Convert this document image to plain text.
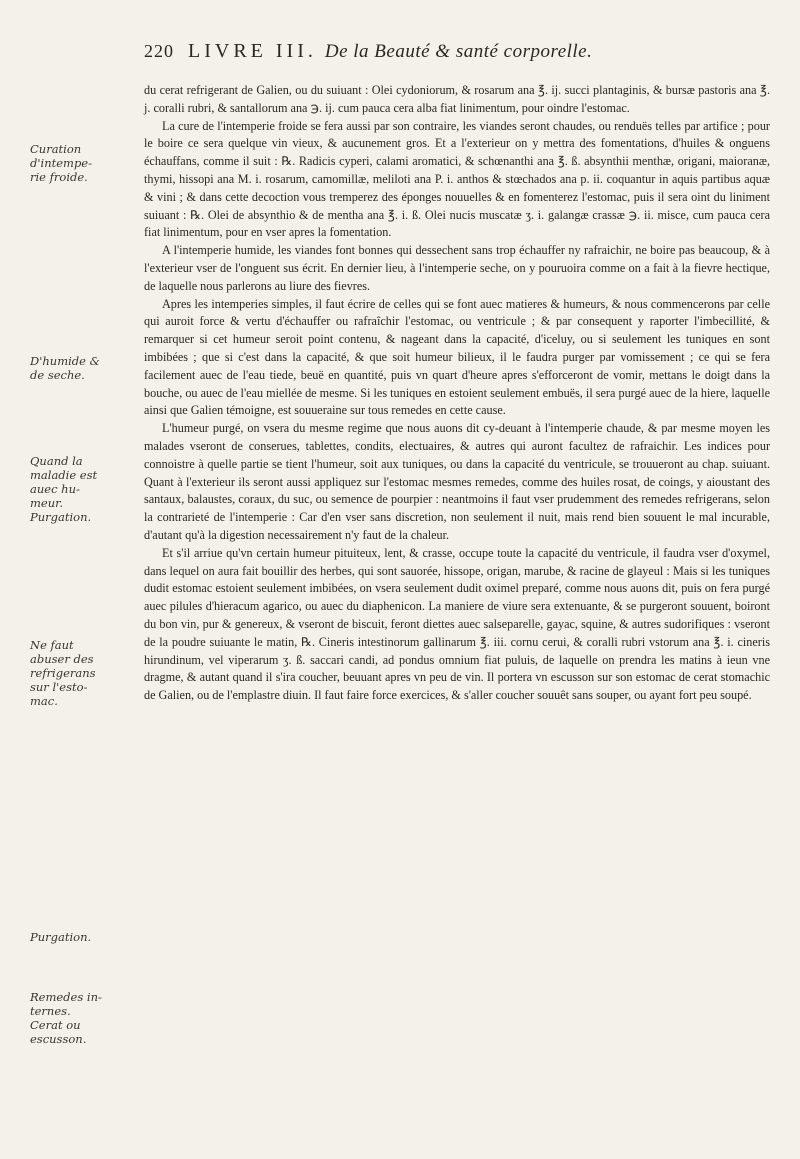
220 LIVRE III. De la Beauté & santé corporelle.
Curation d'intempe-rie froide.
D'humide & de seche.
Quand la maladie est auec hu-meur. Purgation.
Ne faut abuser des refrigerans sur l'esto-mac.
Purgation.
Remedes in-ternes. Cerat ou escusson.

du cerat refrigerant de Galien, ou du suiuant : Olei cydoniorum, & rosarum ana ℥. ij. succi plantaginis, & bursæ pastoris ana ℥. j. coralli rubri, & santallorum ana ℈. ij. cum pauca cera alba fiat linimentum, pour oindre l'estomac.

La cure de l'intemperie froide se fera aussi par son contraire, les viandes seront chaudes, ou renduës telles par artifice ; pour le boire ce sera quelque vin vieux, & aucunement gros. Et a l'exterieur on y mettra des fomentations, d'huiles & onguens échauffans, comme il suit : ℞. Radicis cyperi, calami aromatici, & schœnanthi ana ℥. ß. absynthii menthæ, origani, maioranæ, thymi, hissopi ana M. i. rosarum, camomillæ, meliloti ana P. i. anthos & stœchados ana p. ii. coquantur in aquis partibus aquæ & vini ; & dans cette decoction vous tremperez des éponges nouuelles & en fomenterez l'estomac, puis il sera oint du liniment suiuant : ℞. Olei de absynthio & de mentha ana ℥. i. ß. Olei nucis muscatæ ʒ. i. galangæ crassæ ℈. ii. misce, cum pauca cera fiat linimentum, pour en vser apres la fomentation.

A l'intemperie humide, les viandes font bonnes qui dessechent sans trop échauffer ny rafraichir, ne boire pas beaucoup, & à l'exterieur vser de l'onguent sus écrit. En dernier lieu, à l'intemperie seche, on y pouruoira comme on a fait à la fievre hectique, de laquelle nous parlerons au liure des fievres.

Apres les intemperies simples, il faut écrire de celles qui se font auec matieres & humeurs, & nous commencerons par celle qui auroit force & vertu d'échauffer ou rafraîchir l'estomac, ou ventricule ; & par consequent y raporter l'imbecillité, & remarquer si cet humeur seroit point contenu, & nageant dans la capacité, d'iceluy, ou si seulement les tuniques en sont imbibées ; que si c'est dans la capacité, & que soit humeur bilieux, il le faudra purger par vomissement ; ce qui se fera facilement auec de l'eau tiede, beuë en quantité, puis vn quart d'heure apres s'efforceront de vomir, mettans le doigt dans la bouche, ou auec de l'eau miellée de mesme. Si les tuniques en estoient seulement embuës, il sera purgé auec de la hiere, laquelle ainsi que Galien témoigne, est souueraine sur tous remedes en cette cause.

L'humeur purgé, on vsera du mesme regime que nous auons dit cy-deuant à l'intemperie chaude, & par mesme moyen les malades vseront de conserues, tablettes, condits, electuaires, & autres qui auront facultez de rafraichir. Les indices pour connoistre à quelle partie se tient l'humeur, soit aux tuniques, ou dans la capacité du ventricule, se trouueront au chap. suiuant. Quant à l'exterieur ils seront aussi appliquez sur l'estomac mesmes remedes, comme des huiles rosat, de coings, y aioustant des santaux, balaustes, coraux, du suc, ou semence de pourpier : neantmoins il faut vser prudemment des remedes refrigerans, selon la contrarieté de l'intemperie : Car d'en vser sans discretion, non seulement il nuit, mais rend bien souuent le mal incurable, d'autant qu'à la digestion necessairement n'y faut de la chaleur.

Et s'il arriue qu'vn certain humeur pituiteux, lent, & crasse, occupe toute la capacité du ventricule, il faudra vser d'oxymel, dans lequel on aura fait bouillir des herbes, qui sont sauorée, hissope, origan, marube, & racine de glayeul : Mais si les tuniques dudit estomac estoient seulement imbibées, on vsera seulement dudit oximel preparé, comme nous auons dit, puis on fera purgé auec pilules d'hieracum agarico, ou auec du diaphenicon. La maniere de viure sera extenuante, & se purgeront souuent, boiront du bon vin, pur & genereux, & vseront de biscuit, feront diettes auec salseparelle, gayac, squine, & autres sudorifiques : vseront de la poudre suiuante le matin, ℞. Cineris intestinorum gallinarum ℥. iii. cornu cerui, & coralli rubri vstorum ana ℥. i. cineris hirundinum, vel viperarum ʒ. ß. saccari candi, ad pondus omnium fiat puluis, de laquelle on prendra les matins à ieun vne dragme, & autant quand il s'ira coucher, beuuant apres vn peu de vin. Il portera vn escusson sur son estomac de cerat stomachic de Galien, ou de l'emplastre diuin. Il faut faire force exercices, & s'aller coucher souuêt sans souper, ou ayant fort peu soupé.
